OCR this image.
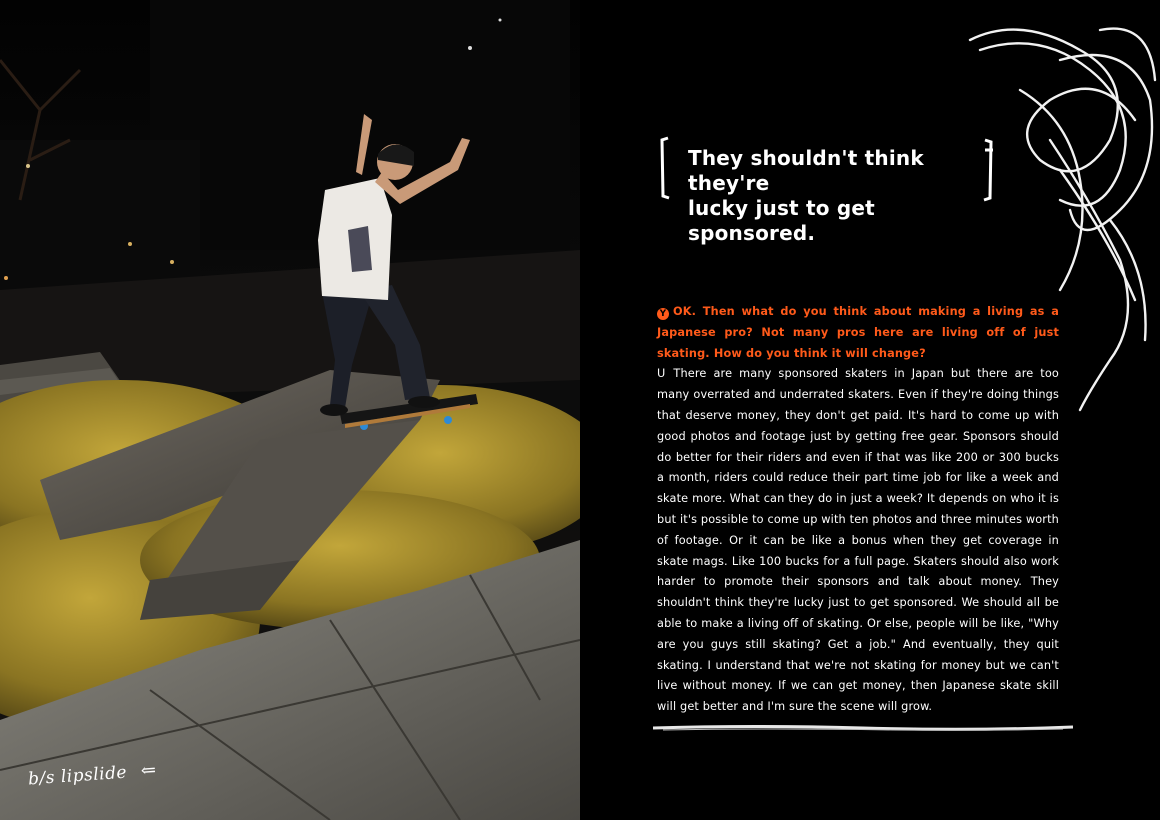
b/s lipslide ⇐
They shouldn't think they're
lucky just to get sponsored.
Y OK. Then what do you think about making a living as a Japanese pro? Not many pros here are living off of just skating. How do you think it will change?
U There are many sponsored skaters in Japan but there are too many overrated and underrated skaters. Even if they're doing things that deserve money, they don't get paid. It's hard to come up with good photos and footage just by getting free gear. Sponsors should do better for their riders and even if that was like 200 or 300 bucks a month, riders could reduce their part time job for like a week and skate more. What can they do in just a week? It depends on who it is but it's possible to come up with ten photos and three minutes worth of footage. Or it can be like a bonus when they get coverage in skate mags. Like 100 bucks for a full page. Skaters should also work harder to promote their sponsors and talk about money. They shouldn't think they're lucky just to get sponsored. We should all be able to make a living off of skating. Or else, people will be like, "Why are you guys still skating? Get a job." And eventually, they quit skating. I understand that we're not skating for money but we can't live without money. If we can get money, then Japanese skate skill will get better and I'm sure the scene will grow.
